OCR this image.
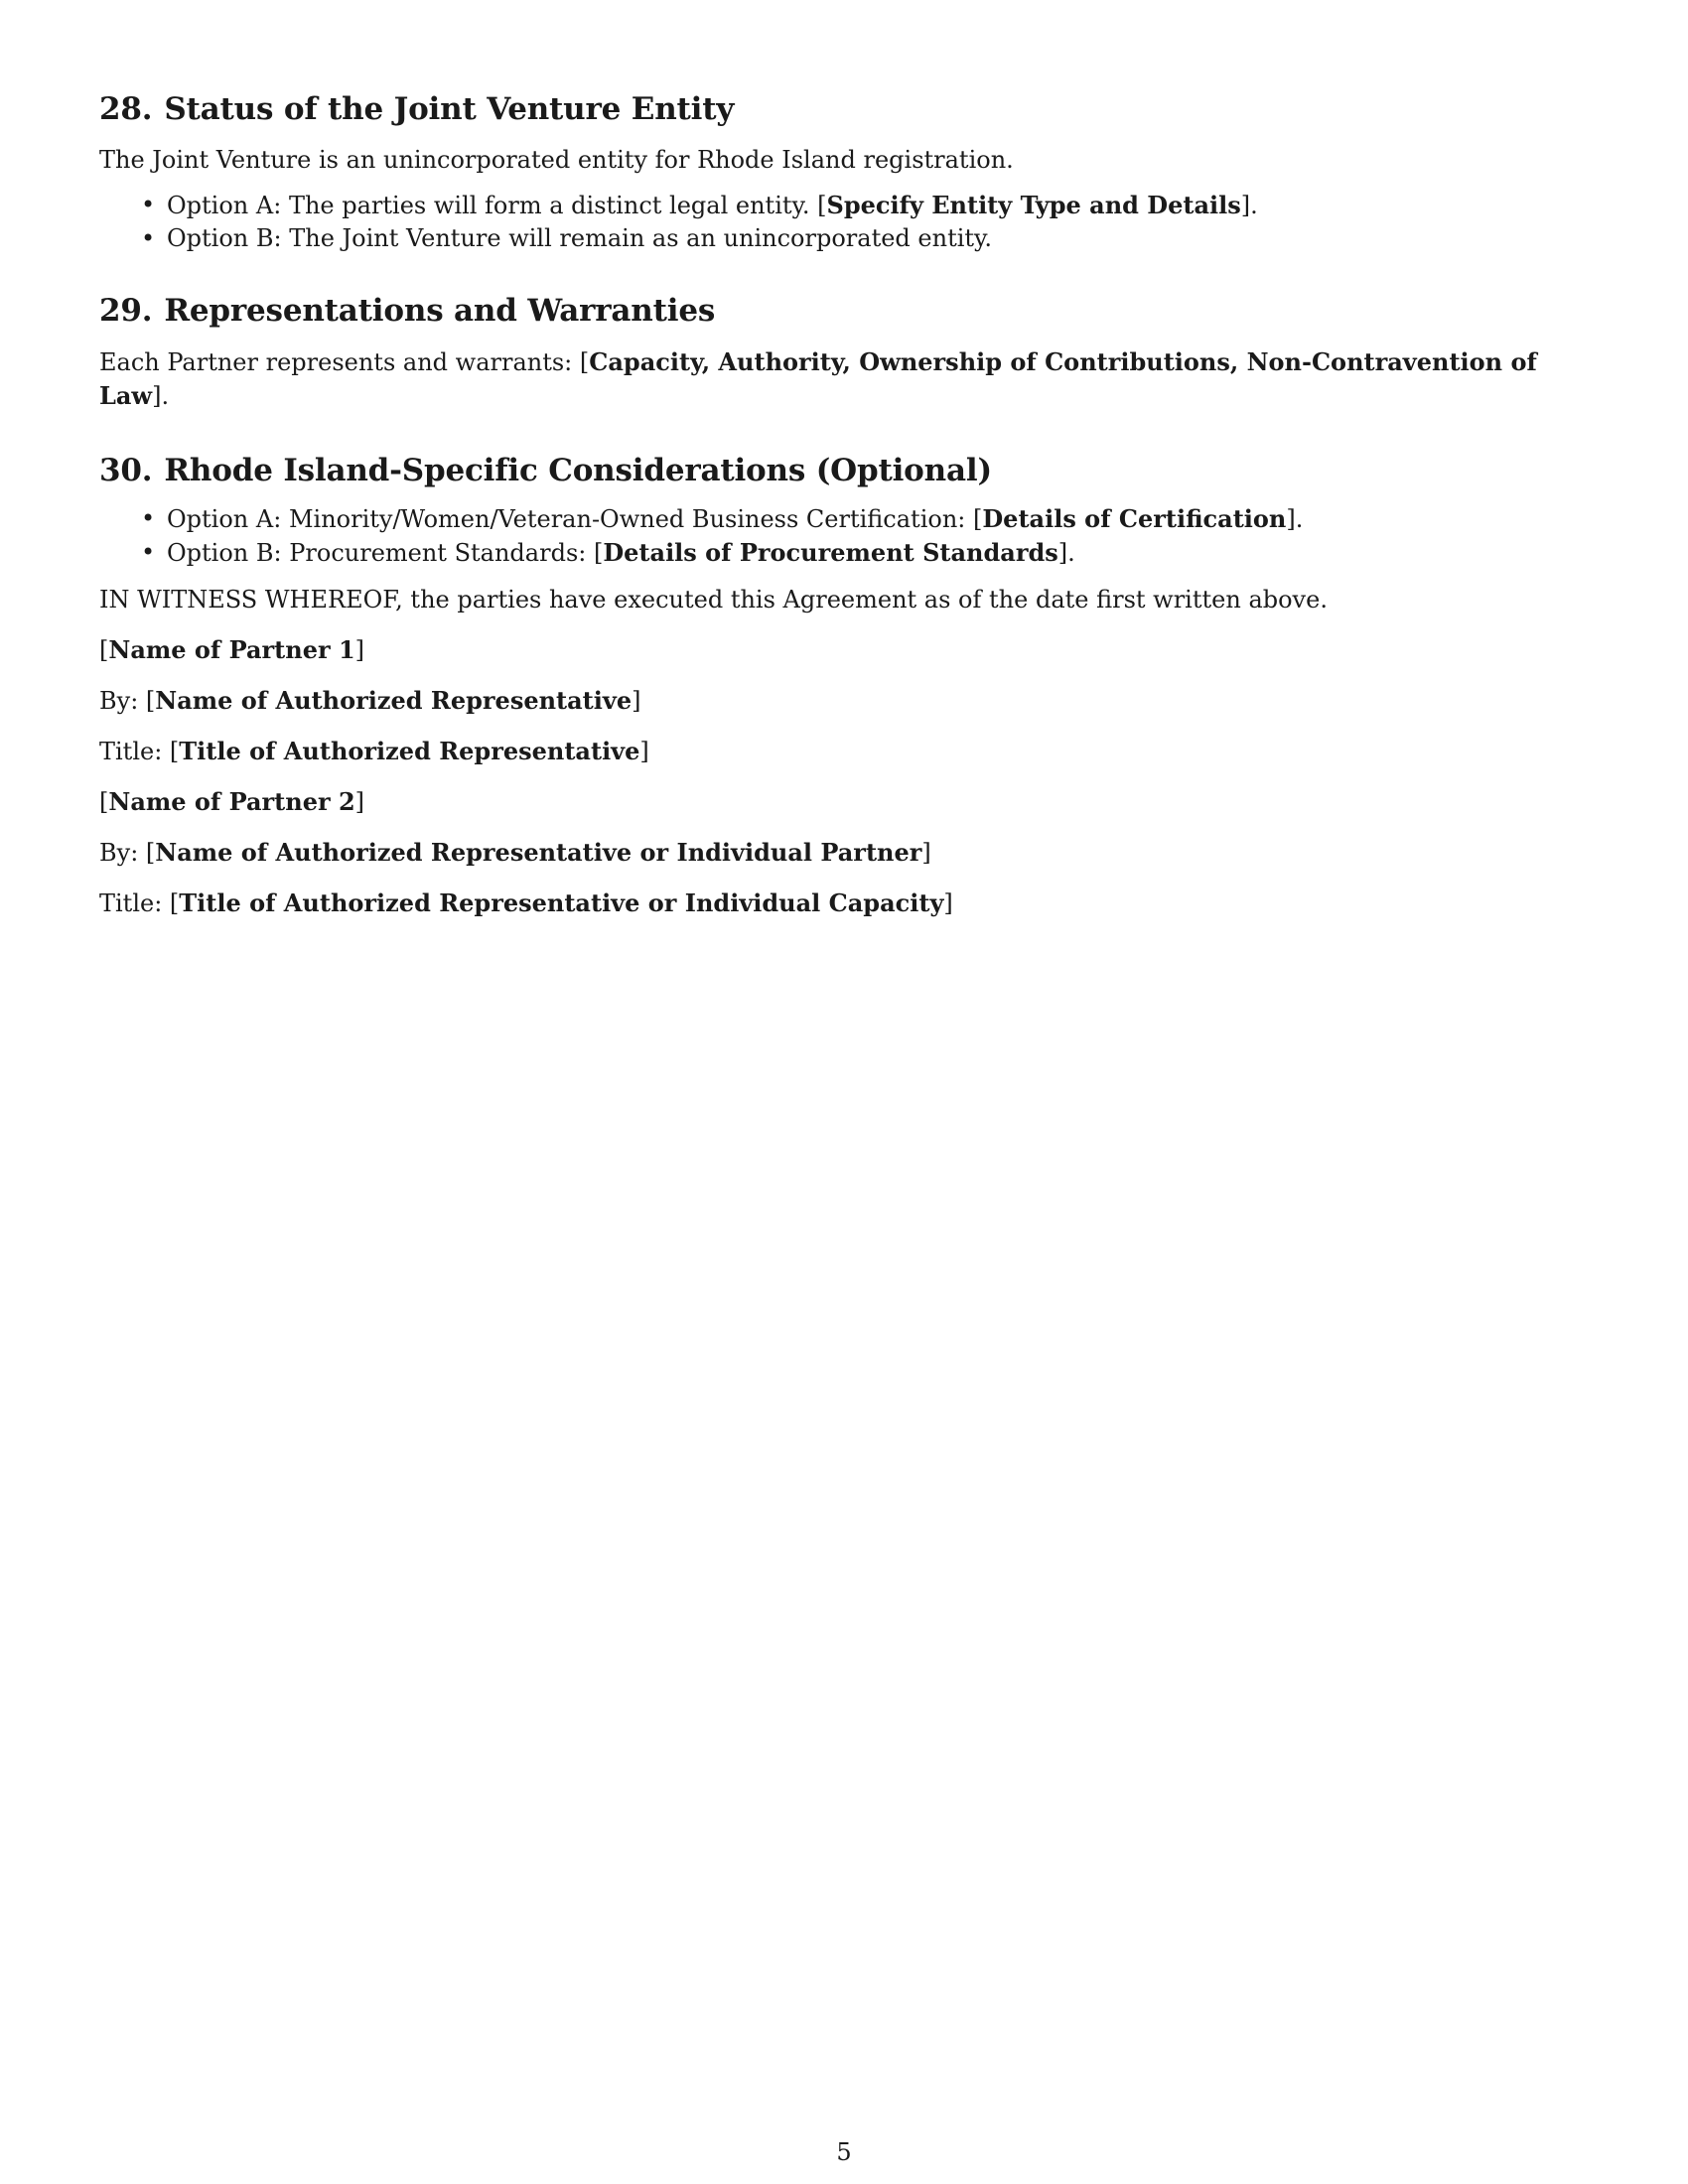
28. Status of the Joint Venture Entity

The Joint Venture is an unincorporated entity for Rhode Island registration.

• Option A: The parties will form a distinct legal entity. [Specify Entity Type and Details].
• Option B: The Joint Venture will remain as an unincorporated entity.
29. Representations and Warranties

Each Partner represents and warrants: [Capacity, Authority, Ownership of Contributions, Non-Contravention of Law].

30. Rhode Island-Specific Considerations (Optional)
• Option A: Minority/Women/Veteran-Owned Business Certification: [Details of Certification].
• Option B: Procurement Standards: [Details of Procurement Standards].

IN WITNESS WHEREOF, the parties have executed this Agreement as of the date first written above.

[Name of Partner 1]

By: [Name of Authorized Representative]

Title: [Title of Authorized Representative]

[Name of Partner 2]

By: [Name of Authorized Representative or Individual Partner]

Title: [Title of Authorized Representative or Individual Capacity]

5
